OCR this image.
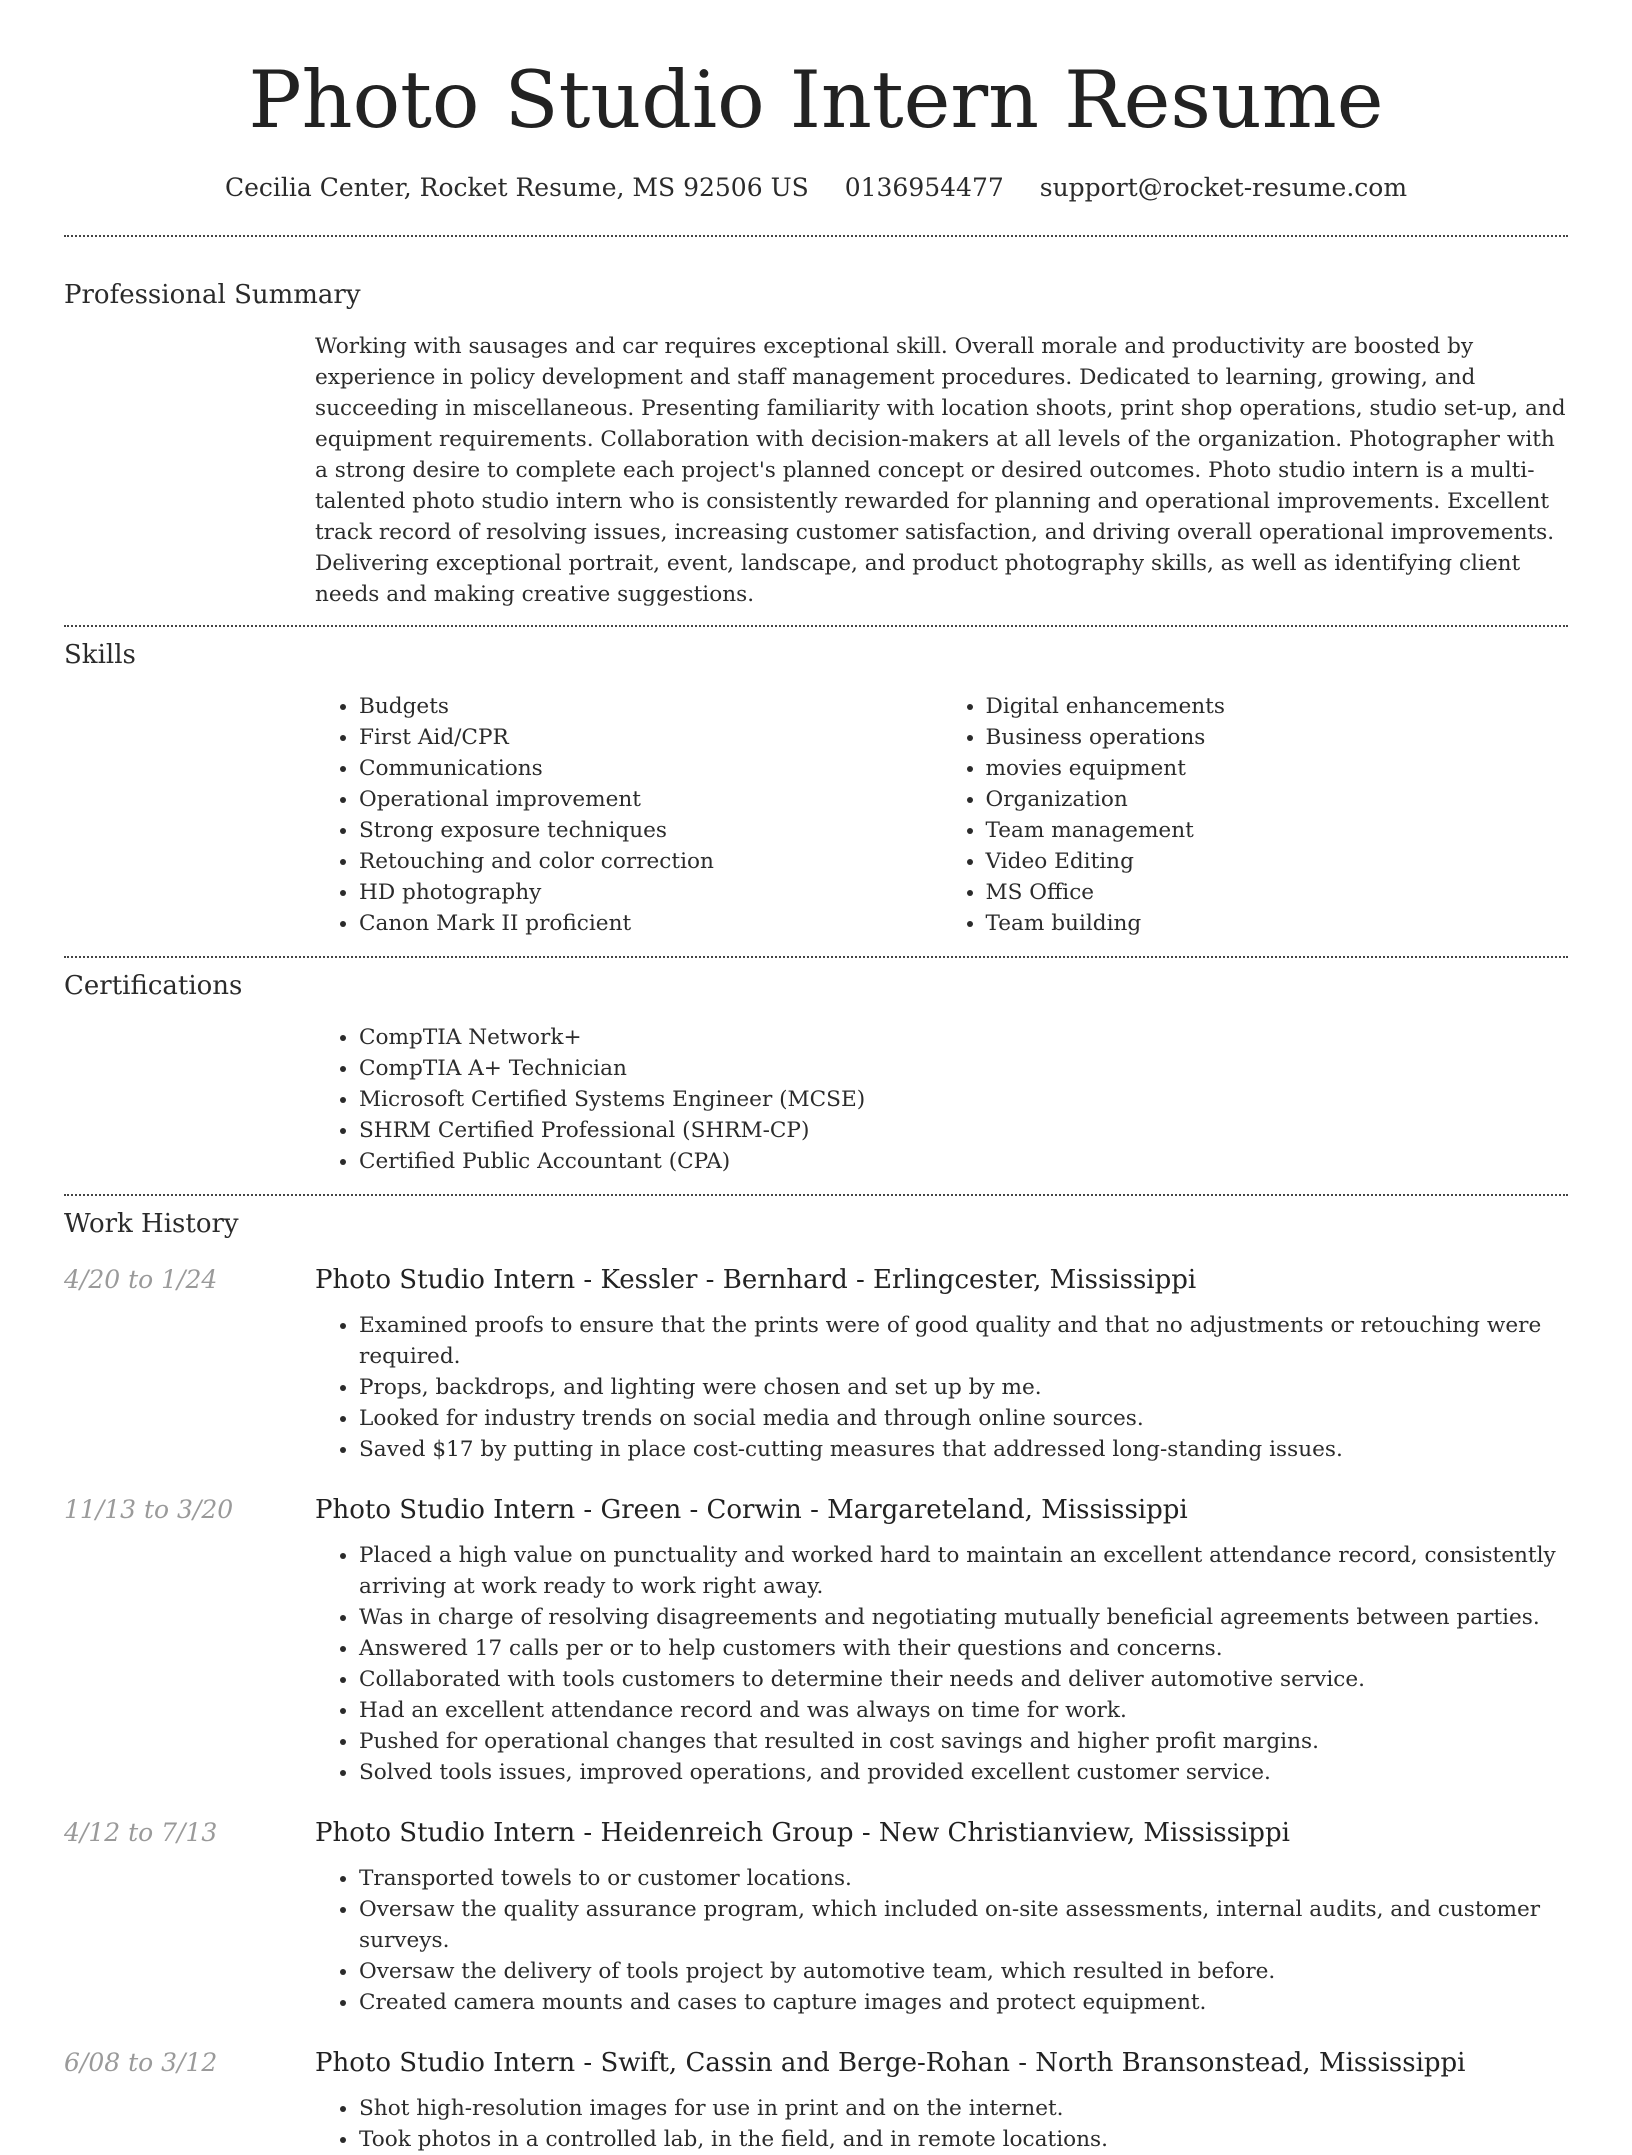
Photo Studio Intern Resume
Cecilia Center, Rocket Resume, MS 92506 US 0136954477 support@rocket-resume.com
Professional Summary

Working with sausages and car requires exceptional skill. Overall morale and productivity are boosted by experience in policy development and staff management procedures. Dedicated to learning, growing, and succeeding in miscellaneous. Presenting familiarity with location shoots, print shop operations, studio set-up, and equipment requirements. Collaboration with decision-makers at all levels of the organization. Photographer with a strong desire to complete each project's planned concept or desired outcomes. Photo studio intern is a multi-talented photo studio intern who is consistently rewarded for planning and operational improvements. Excellent track record of resolving issues, increasing customer satisfaction, and driving overall operational improvements. Delivering exceptional portrait, event, landscape, and product photography skills, as well as identifying client needs and making creative suggestions.

Skills
• Budgets
• First Aid/CPR
• Communications
• Operational improvement
• Strong exposure techniques
• Retouching and color correction
• HD photography
• Canon Mark II proficient
• Digital enhancements
• Business operations
• movies equipment
• Organization
• Team management
• Video Editing
• MS Office
• Team building
Certifications
• CompTIA Network+
• CompTIA A+ Technician
• Microsoft Certified Systems Engineer (MCSE)
• SHRM Certified Professional (SHRM-CP)
• Certified Public Accountant (CPA)
Work History
4/20 to 1/24	Photo Studio Intern - Kessler - Bernhard - Erlingcester, Mississippi
• Examined proofs to ensure that the prints were of good quality and that no adjustments or retouching were required.
• Props, backdrops, and lighting were chosen and set up by me.
• Looked for industry trends on social media and through online sources.
• Saved $17 by putting in place cost-cutting measures that addressed long-standing issues.
11/13 to 3/20	Photo Studio Intern - Green - Corwin - Margareteland, Mississippi
• Placed a high value on punctuality and worked hard to maintain an excellent attendance record, consistently arriving at work ready to work right away.
• Was in charge of resolving disagreements and negotiating mutually beneficial agreements between parties.
• Answered 17 calls per or to help customers with their questions and concerns.
• Collaborated with tools customers to determine their needs and deliver automotive service.
• Had an excellent attendance record and was always on time for work.
• Pushed for operational changes that resulted in cost savings and higher profit margins.
• Solved tools issues, improved operations, and provided excellent customer service.
4/12 to 7/13	Photo Studio Intern - Heidenreich Group - New Christianview, Mississippi
• Transported towels to or customer locations.
• Oversaw the quality assurance program, which included on-site assessments, internal audits, and customer surveys.
• Oversaw the delivery of tools project by automotive team, which resulted in before.
• Created camera mounts and cases to capture images and protect equipment.
6/08 to 3/12	Photo Studio Intern - Swift, Cassin and Berge-Rohan - North Bransonstead, Mississippi
• Shot high-resolution images for use in print and on the internet.
• Took photos in a controlled lab, in the field, and in remote locations.
